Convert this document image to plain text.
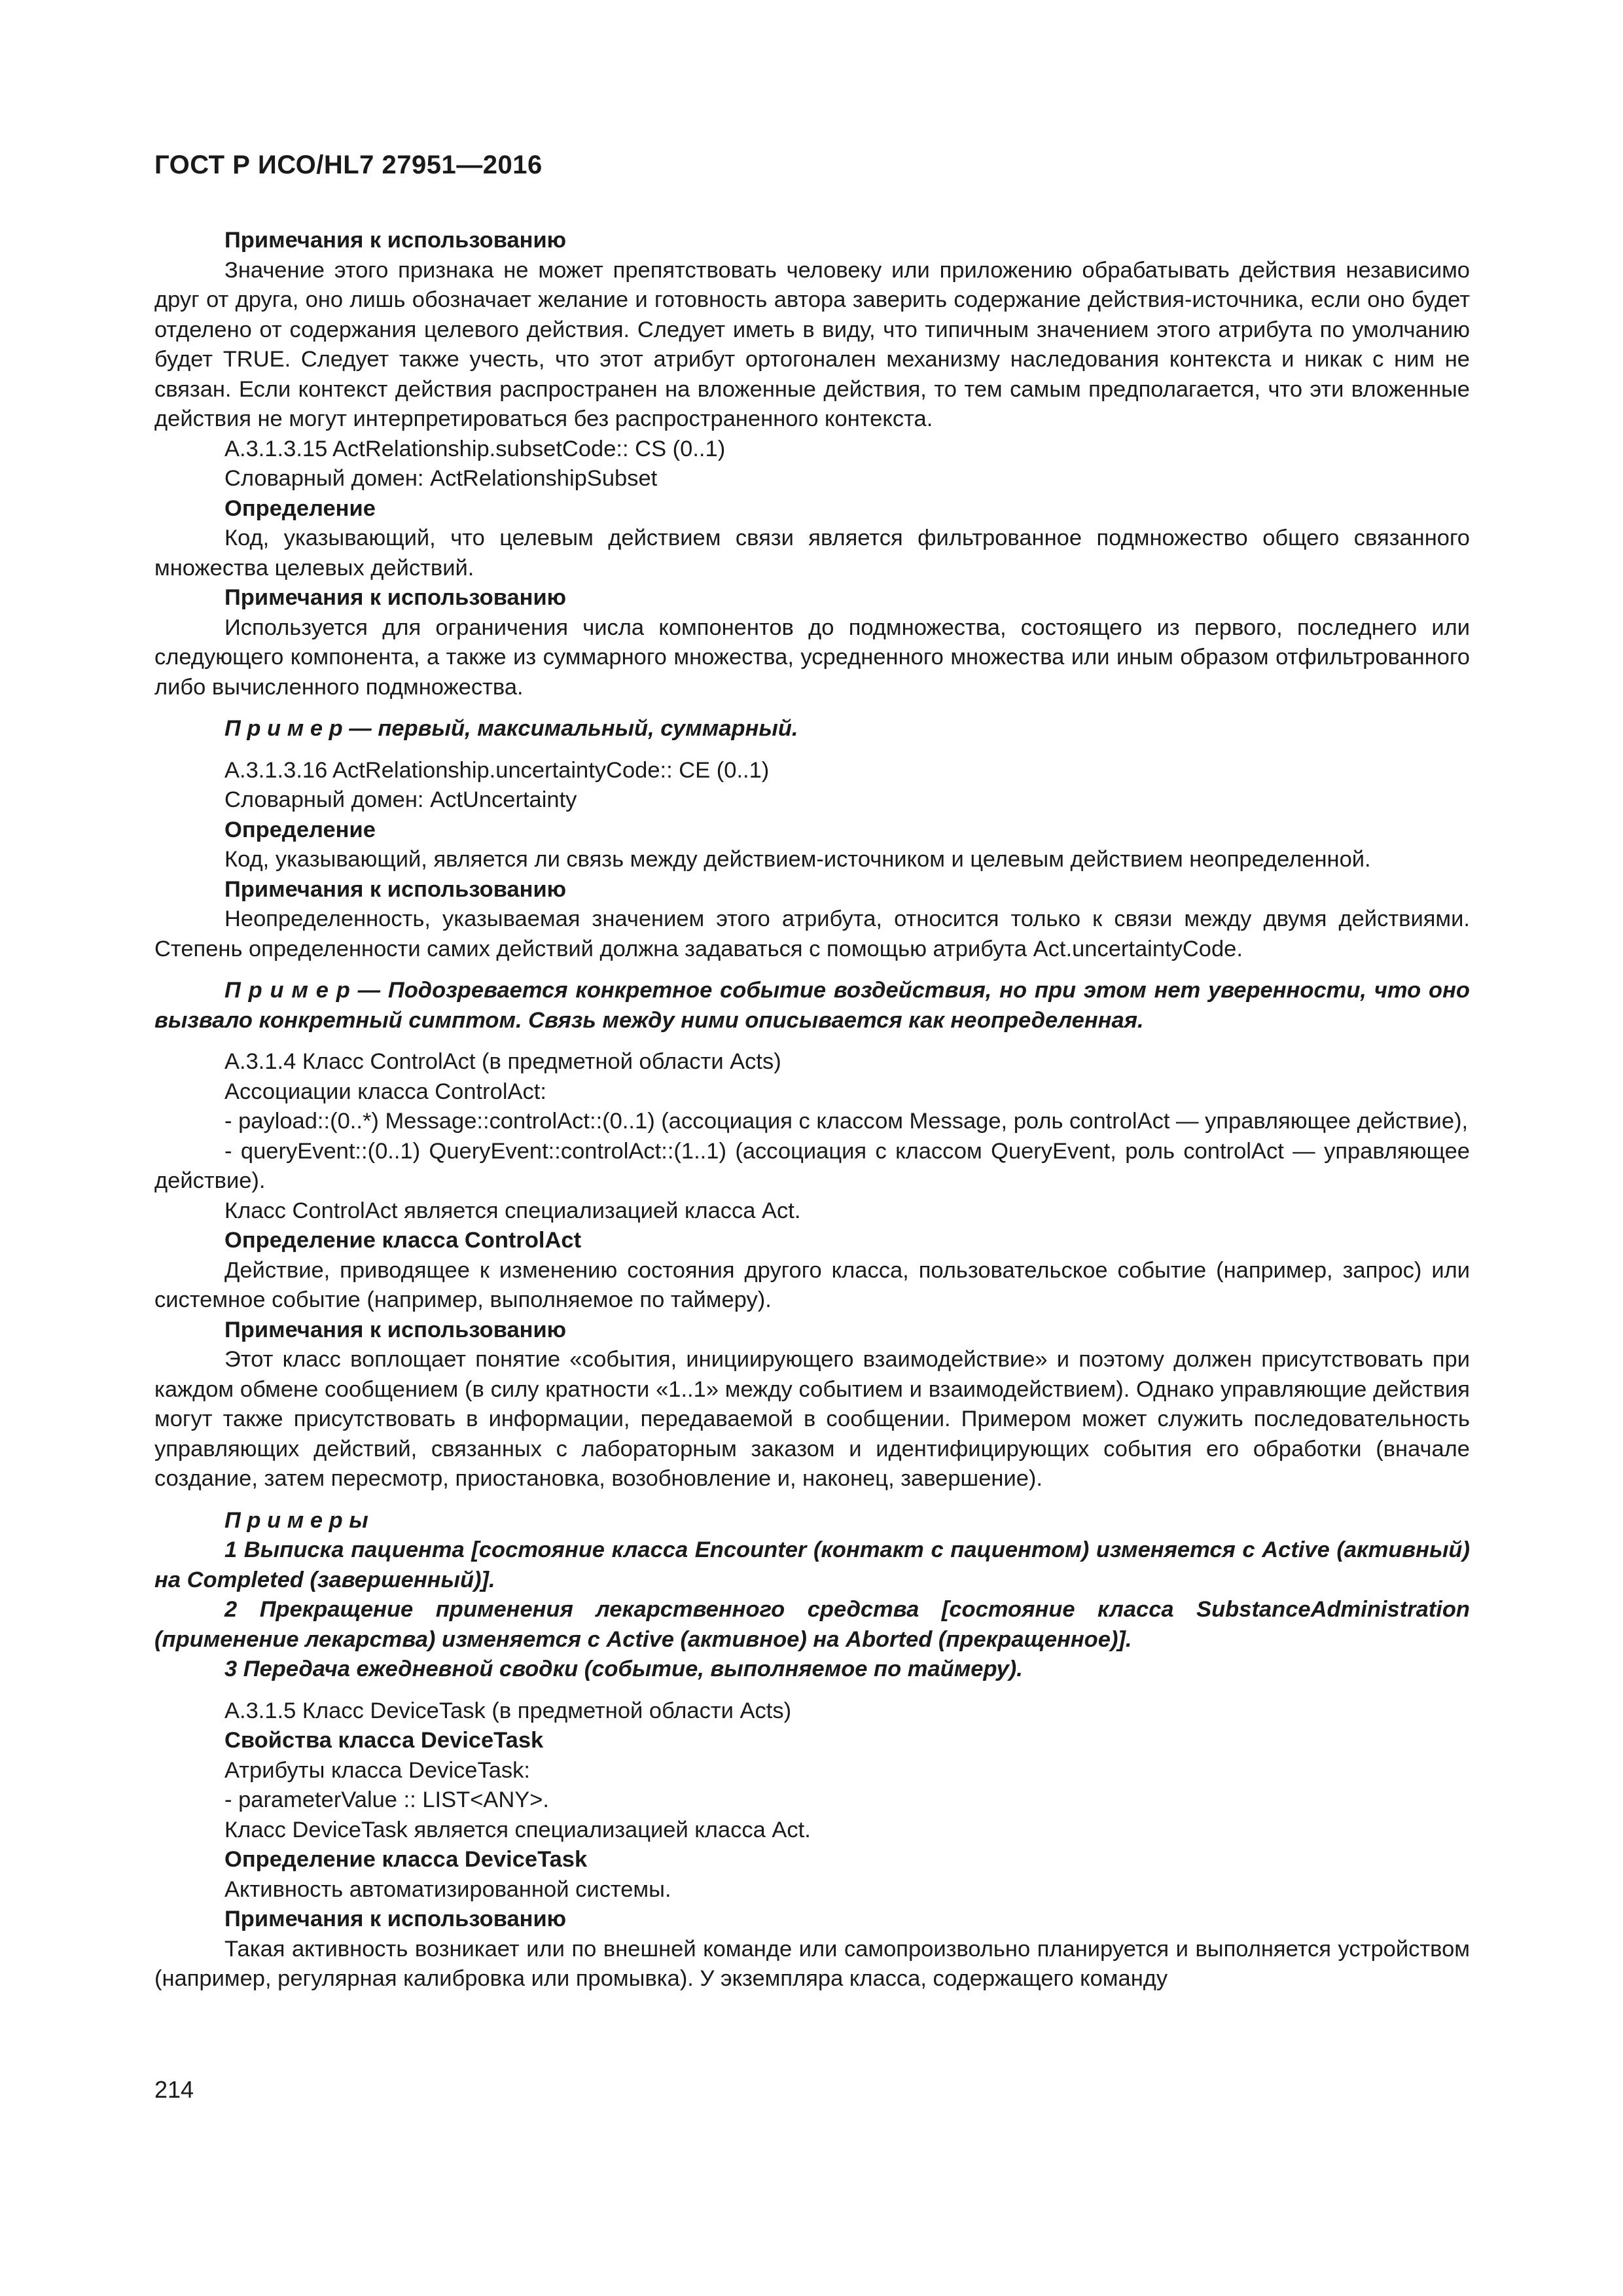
ГОСТ Р ИСО/HL7 27951—2016
Примечания к использованию
Значение этого признака не может препятствовать человеку или приложению обрабатывать действия независимо друг от друга, оно лишь обозначает желание и готовность автора заверить содержание действия-источника, если оно будет отделено от содержания целевого действия. Следует иметь в виду, что типичным значением этого атрибута по умолчанию будет TRUE. Следует также учесть, что этот атрибут ортогонален механизму наследования контекста и никак с ним не связан. Если контекст действия распространен на вложенные действия, то тем самым предполагается, что эти вложенные действия не могут интерпретироваться без распространенного контекста.
A.3.1.3.15 ActRelationship.subsetCode:: CS (0..1)
Словарный домен: ActRelationshipSubset
Определение
Код, указывающий, что целевым действием связи является фильтрованное подмножество общего связанного множества целевых действий.
Примечания к использованию
Используется для ограничения числа компонентов до подмножества, состоящего из первого, последнего или следующего компонента, а также из суммарного множества, усредненного множества или иным образом отфильтрованного либо вычисленного подмножества.
П р и м е р — первый, максимальный, суммарный.
A.3.1.3.16 ActRelationship.uncertaintyCode:: CE (0..1)
Словарный домен: ActUncertainty
Определение
Код, указывающий, является ли связь между действием-источником и целевым действием неопределенной.
Примечания к использованию
Неопределенность, указываемая значением этого атрибута, относится только к связи между двумя действиями. Степень определенности самих действий должна задаваться с помощью атрибута Act.uncertaintyCode.
П р и м е р — Подозревается конкретное событие воздействия, но при этом нет уверенности, что оно вызвало конкретный симптом. Связь между ними описывается как неопределенная.
A.3.1.4 Класс ControlAct (в предметной области Acts)
Ассоциации класса ControlAct:
- payload::(0..*) Message::controlAct::(0..1) (ассоциация с классом Message, роль controlAct — управляющее действие),
- queryEvent::(0..1) QueryEvent::controlAct::(1..1) (ассоциация с классом QueryEvent, роль controlAct — управляющее действие).
Класс ControlAct является специализацией класса Act.
Определение класса ControlAct
Действие, приводящее к изменению состояния другого класса, пользовательское событие (например, запрос) или системное событие (например, выполняемое по таймеру).
Примечания к использованию
Этот класс воплощает понятие «события, инициирующего взаимодействие» и поэтому должен присутствовать при каждом обмене сообщением (в силу кратности «1..1» между событием и взаимодействием). Однако управляющие действия могут также присутствовать в информации, передаваемой в сообщении. Примером может служить последовательность управляющих действий, связанных с лабораторным заказом и идентифицирующих события его обработки (вначале создание, затем пересмотр, приостановка, возобновление и, наконец, завершение).
П р и м е р ы
1 Выписка пациента [состояние класса Encounter (контакт с пациентом) изменяется с Active (активный) на Completed (завершенный)].
2 Прекращение применения лекарственного средства [состояние класса SubstanceAdministration (применение лекарства) изменяется с Active (активное) на Aborted (прекращенное)].
3 Передача ежедневной сводки (событие, выполняемое по таймеру).
A.3.1.5 Класс DeviceTask (в предметной области Acts)
Свойства класса DeviceTask
Атрибуты класса DeviceTask:
- parameterValue :: LIST<ANY>.
Класс DeviceTask является специализацией класса Act.
Определение класса DeviceTask
Активность автоматизированной системы.
Примечания к использованию
Такая активность возникает или по внешней команде или самопроизвольно планируется и выполняется устройством (например, регулярная калибровка или промывка). У экземпляра класса, содержащего команду
214
